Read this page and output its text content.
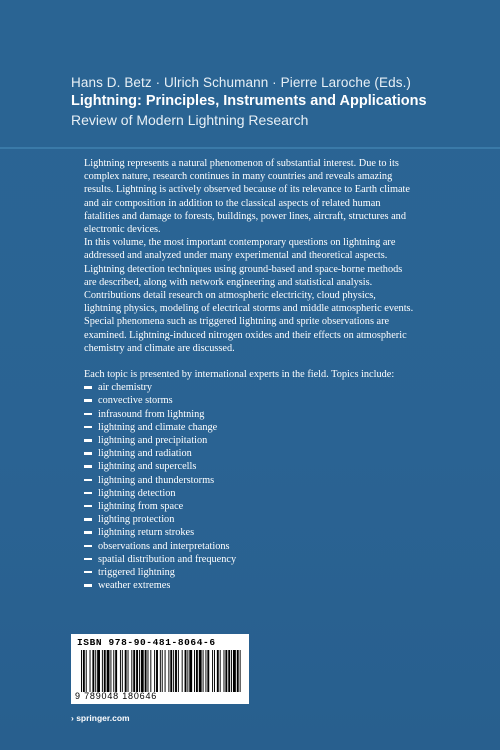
Hans D. Betz · Ulrich Schumann · Pierre Laroche (Eds.)
Lightning: Principles, Instruments and Applications
Review of Modern Lightning Research

Lightning represents a natural phenomenon of substantial interest. Due to its complex nature, research continues in many countries and reveals amazing results. Lightning is actively observed because of its relevance to Earth climate and air composition in addition to the classical aspects of related human fatalities and damage to forests, buildings, power lines, aircraft, structures and electronic devices.

In this volume, the most important contemporary questions on lightning are addressed and analyzed under many experimental and theoretical aspects. Lightning detection techniques using ground-based and space-borne methods are described, along with network engineering and statistical analysis.

Contributions detail research on atmospheric electricity, cloud physics, lightning physics, modeling of electrical storms and middle atmospheric events. Special phenomena such as triggered lightning and sprite observations are examined. Lightning-induced nitrogen oxides and their effects on atmospheric chemistry and climate are discussed.

Each topic is presented by international experts in the field. Topics include:

air chemistry
convective storms
infrasound from lightning
lightning and climate change
lightning and precipitation
lightning and radiation
lightning and supercells
lightning and thunderstorms
lightning detection
lightning from space
lighting protection
lightning return strokes
observations and interpretations
spatial distribution and frequency
triggered lightning
weather extremes
ISBN 978-90-481-8064-6
9 789048 180646
› springer.com
